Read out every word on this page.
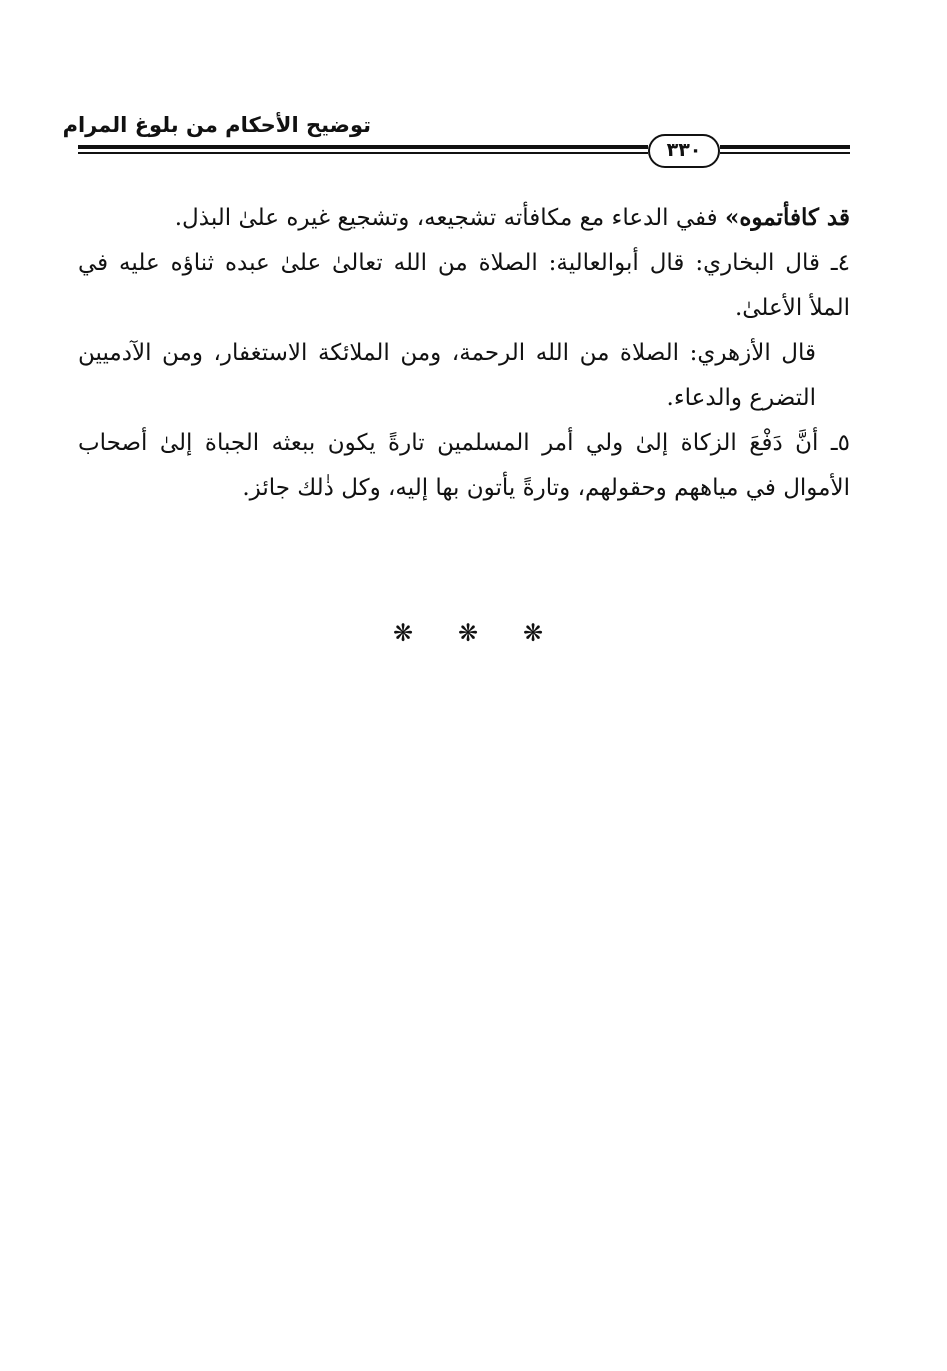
توضيح الأحكام من بلوغ المرام
٣٣٠

قد كافأتموه» ففي الدعاء مع مكافأته تشجيعه، وتشجيع غيره علىٰ البذل.

٤ـ قال البخاري: قال أبوالعالية: الصلاة من الله تعالىٰ علىٰ عبده ثناؤه عليه في الملأ الأعلىٰ.

قال الأزهري: الصلاة من الله الرحمة، ومن الملائكة الاستغفار، ومن الآدميين التضرع والدعاء.

٥ـ أنَّ دَفْعَ الزكاة إلىٰ ولي أمر المسلمين تارةً يكون ببعثه الجباة إلىٰ أصحاب الأموال في مياههم وحقولهم، وتارةً يأتون بها إليه، وكل ذٰلك جائز.

❋ ❋ ❋
